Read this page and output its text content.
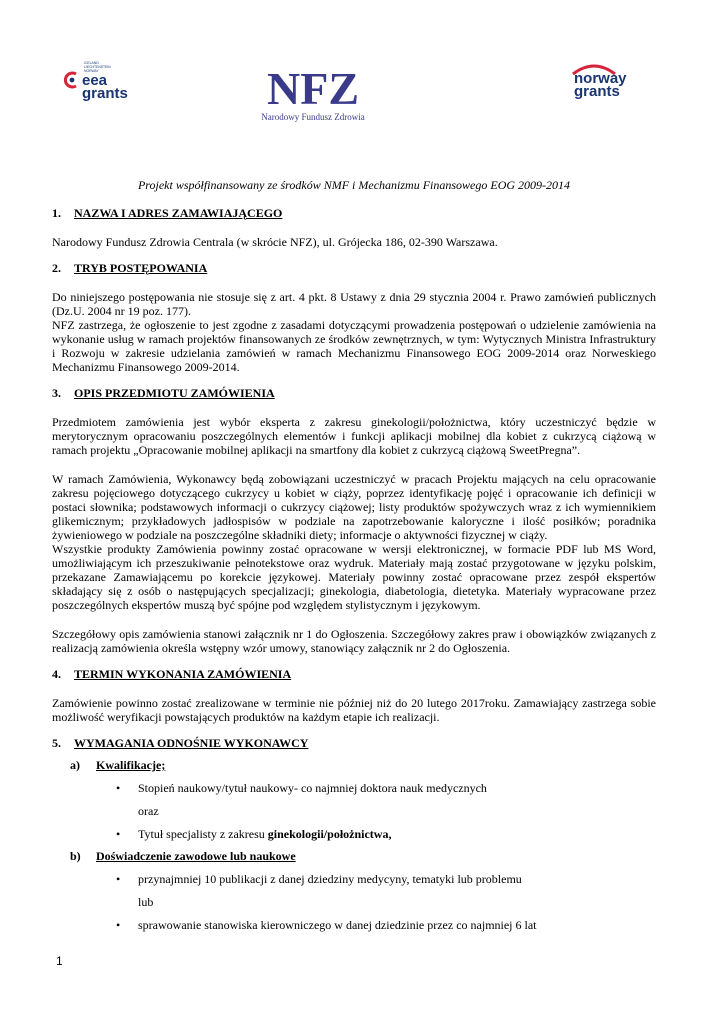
ICELAND
LIECHTENSTEIN
NORWAY
eea
grants	NFZ
Narodowy Fundusz Zdrowia
norway
grants

Projekt współfinansowany ze środków NMF i Mechanizmu Finansowego EOG 2009-2014

1.	NAZWA I ADRES ZAMAWIAJĄCEGO

Narodowy Fundusz Zdrowia Centrala (w skrócie NFZ), ul. Grójecka 186, 02-390 Warszawa.

2.	TRYB POSTĘPOWANIA

Do niniejszego postępowania nie stosuje się z art. 4 pkt. 8 Ustawy z dnia 29 stycznia 2004 r. Prawo zamówień publicznych (Dz.U. 2004 nr 19 poz. 177).

NFZ zastrzega, że ogłoszenie to jest zgodne z zasadami dotyczącymi prowadzenia postępowań o udzielenie zamówienia na wykonanie usług w ramach projektów finansowanych ze środków zewnętrznych, w tym: Wytycznych Ministra Infrastruktury i Rozwoju w zakresie udzielania zamówień w ramach Mechanizmu Finansowego EOG 2009-2014 oraz Norweskiego Mechanizmu Finansowego 2009-2014.

3.	OPIS PRZEDMIOTU ZAMÓWIENIA

Przedmiotem zamówienia jest wybór eksperta z zakresu ginekologii/położnictwa, który uczestniczyć będzie w merytorycznym opracowaniu poszczególnych elementów i funkcji aplikacji mobilnej dla kobiet z cukrzycą ciążową w ramach projektu „Opracowanie mobilnej aplikacji na smartfony dla kobiet z cukrzycą ciążową SweetPregna”.

W ramach Zamówienia, Wykonawcy będą zobowiązani uczestniczyć w pracach Projektu mających na celu opracowanie zakresu pojęciowego dotyczącego cukrzycy u kobiet w ciąży, poprzez identyfikację pojęć i opracowanie ich definicji w postaci słownika; podstawowych informacji o cukrzycy ciążowej; listy produktów spożywczych wraz z ich wymiennikiem glikemicznym; przykładowych jadłospisów w podziale na zapotrzebowanie kaloryczne i ilość posiłków; poradnika żywieniowego w podziale na poszczególne składniki diety; informacje o aktywności fizycznej w ciąży.

Wszystkie produkty Zamówienia powinny zostać opracowane w wersji elektronicznej, w formacie PDF lub MS Word, umożliwiającym ich przeszukiwanie pełnotekstowe oraz wydruk. Materiały mają zostać przygotowane w języku polskim, przekazane Zamawiającemu po korekcie językowej. Materiały powinny zostać opracowane przez zespół ekspertów składający się z osób o następujących specjalizacji; ginekologia, diabetologia, dietetyka. Materiały wypracowane przez poszczególnych ekspertów muszą być spójne pod względem stylistycznym i językowym.

Szczegółowy opis zamówienia stanowi załącznik nr 1 do Ogłoszenia. Szczegółowy zakres praw i obowiązków związanych z realizacją zamówienia określa wstępny wzór umowy, stanowiący załącznik nr 2 do Ogłoszenia.

4.	TERMIN WYKONANIA ZAMÓWIENIA

Zamówienie powinno zostać zrealizowane w terminie nie później niż do 20 lutego 2017roku. Zamawiający zastrzega sobie możliwość weryfikacji powstających produktów na każdym etapie ich realizacji.

5.	WYMAGANIA ODNOŚNIE WYKONAWCY
a)	Kwalifikacje;
•	Stopień naukowy/tytuł naukowy- co najmniej doktora nauk medycznych
oraz
•	Tytuł specjalisty z zakresu ginekologii/położnictwa,
b)	Doświadczenie zawodowe lub naukowe
•	przynajmniej 10 publikacji z danej dziedziny medycyny, tematyki lub problemu
lub
•	sprawowanie stanowiska kierowniczego w danej dziedzinie przez co najmniej 6 lat
1
